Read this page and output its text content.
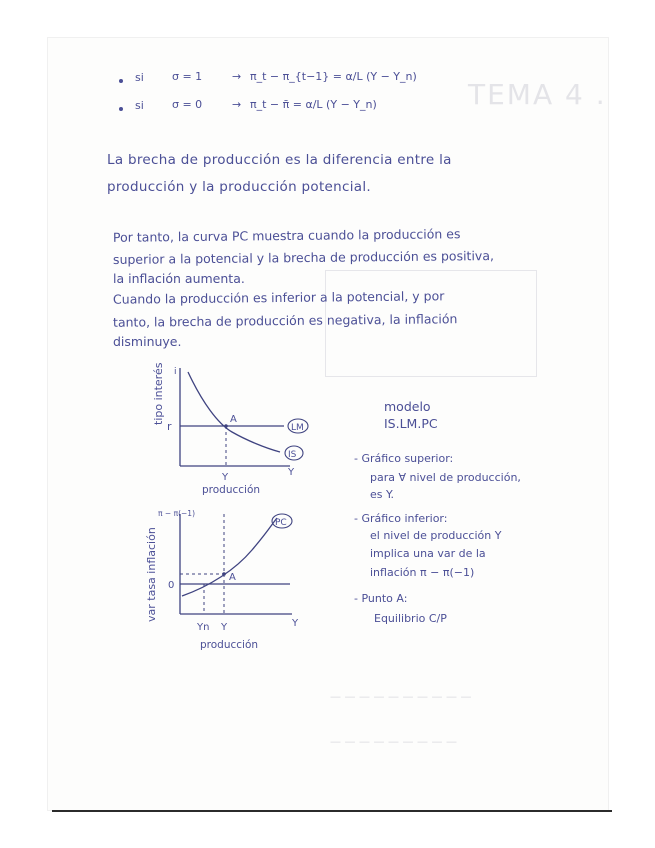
TEMA 4 .
si	σ = 1	→ π_t − π_{t−1} = α/L (Y − Y_n)
si	σ = 0	→ π_t − π̄ = α/L (Y − Y_n)
La brecha de producción es la diferencia entre la
producción y la producción potencial.
Por tanto, la curva PC muestra cuando la producción es
superior a la potencial y la brecha de producción es positiva,
la inflación aumenta.
Cuando la producción es inferior a la potencial, y por
tanto, la brecha de producción es negativa, la inflación
disminuye.
A
i
r
Y	Y
producción
LM
IS
tipo interés
A
π − π(−1)
0
Yn Y	Y
producción
PC
var tasa inflación
modelo
IS.LM.PC
- Gráfico superior:
para ∀ nivel de producción,
es Y.
- Gráfico inferior:
el nivel de producción Y
implica una var de la
inflación π − π(−1)
- Punto A:
Equilibrio C/P
— — — — — — — — — —
— — — — — — — — —
